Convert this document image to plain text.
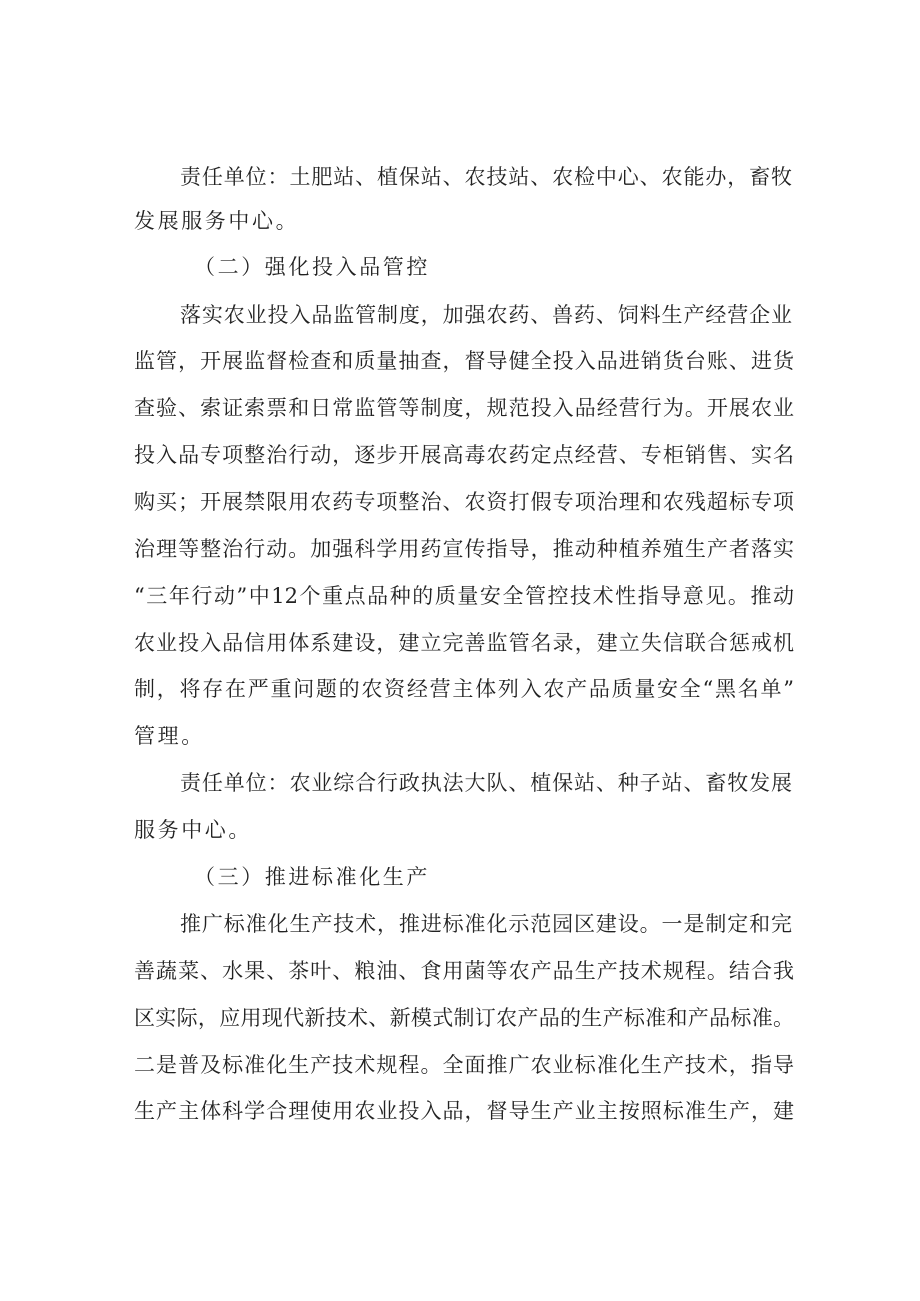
责任单位：土肥站、植保站、农技站、农检中心、农能办，畜牧
发展服务中心。
（二）强化投入品管控
落实农业投入品监管制度，加强农药、兽药、饲料生产经营企业
监管，开展监督检查和质量抽查，督导健全投入品进销货台账、进货
查验、索证索票和日常监管等制度，规范投入品经营行为。开展农业
投入品专项整治行动，逐步开展高毒农药定点经营、专柜销售、实名
购买；开展禁限用农药专项整治、农资打假专项治理和农残超标专项
治理等整治行动。加强科学用药宣传指导，推动种植养殖生产者落实
“三年行动”中12个重点品种的质量安全管控技术性指导意见。推动
农业投入品信用体系建设，建立完善监管名录，建立失信联合惩戒机
制，将存在严重问题的农资经营主体列入农产品质量安全“黑名单”
管理。
责任单位：农业综合行政执法大队、植保站、种子站、畜牧发展
服务中心。
（三）推进标准化生产
推广标准化生产技术，推进标准化示范园区建设。一是制定和完
善蔬菜、水果、茶叶、粮油、食用菌等农产品生产技术规程。结合我
区实际，应用现代新技术、新模式制订农产品的生产标准和产品标准。
二是普及标准化生产技术规程。全面推广农业标准化生产技术，指导
生产主体科学合理使用农业投入品，督导生产业主按照标准生产，建
